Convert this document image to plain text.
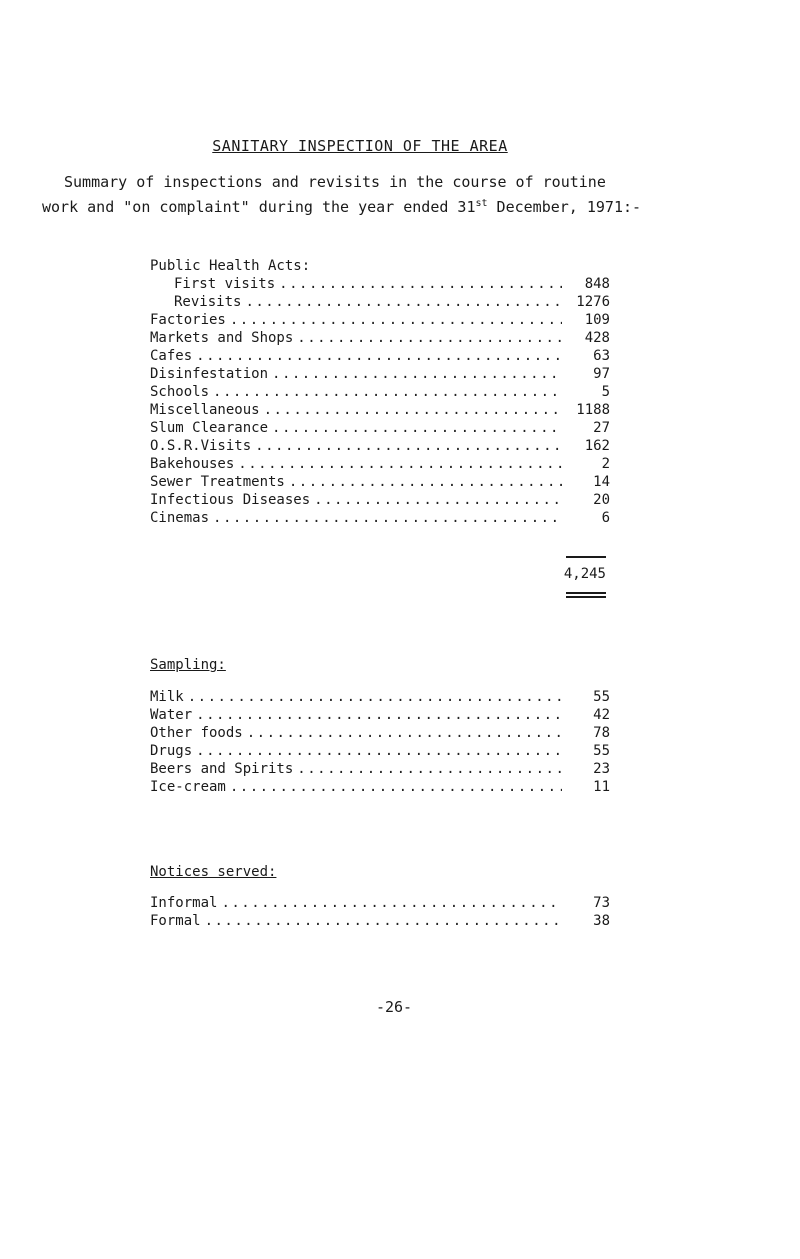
SANITARY INSPECTION OF THE AREA
Summary of inspections and revisits in the course of routine
work and "on complaint" during the year ended 31st December, 1971:-
Public Health Acts:
First visits .....	848
Revisits .....	1276
Factories .....	109
Markets and Shops .....	428
Cafes .....	63
Disinfestation .....	97
Schools .....	5
Miscellaneous .....	1188
Slum Clearance .....	27
O.S.R.Visits .....	162
Bakehouses .....	2
Sewer Treatments .....	14
Infectious Diseases .....	20
Cinemas .....	6
4,245
Sampling:
Milk .....	55
Water .....	42
Other foods .....	78
Drugs .....	55
Beers and Spirits .....	23
Ice-cream .....	11
Notices served:
Informal .....	73
Formal .....	38
-26-
